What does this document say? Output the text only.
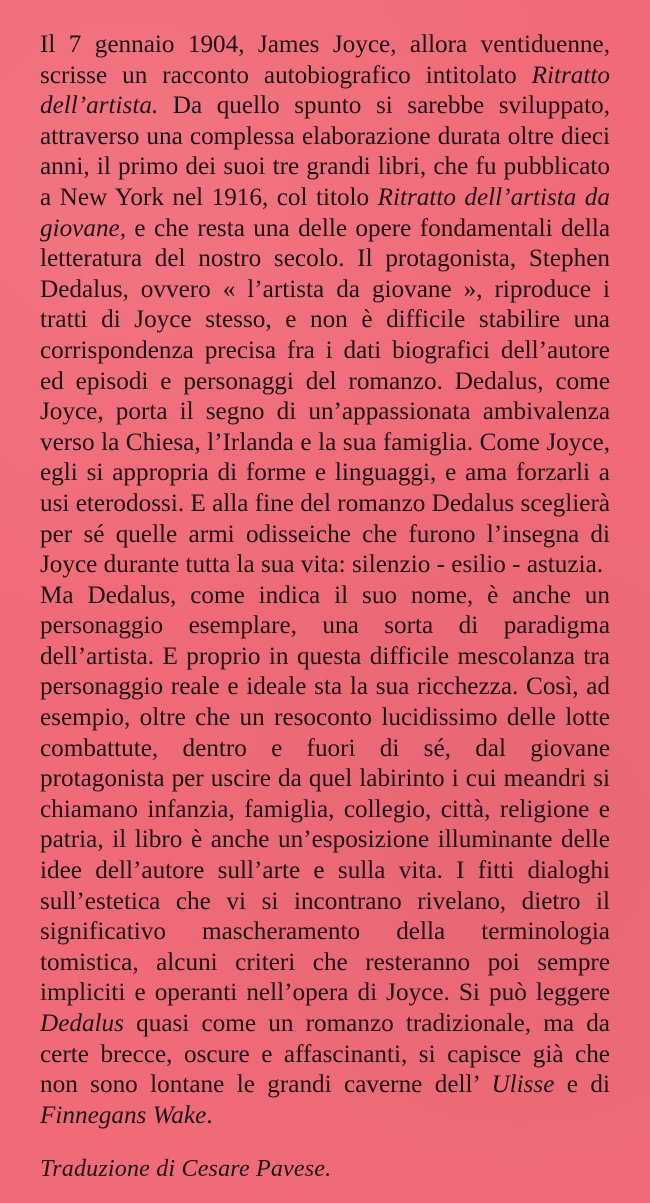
Il 7 gennaio 1904, James Joyce, allora ventiduenne, scrisse un racconto autobiografico intitolato Ritratto dell’artista. Da quello spunto si sarebbe sviluppato, attraverso una complessa elaborazione durata oltre dieci anni, il primo dei suoi tre grandi libri, che fu pubblicato a New York nel 1916, col titolo Ritratto dell’artista da giovane, e che resta una delle opere fondamentali della letteratura del nostro secolo. Il protagonista, Stephen Dedalus, ovvero « l’artista da giovane », riproduce i tratti di Joyce stesso, e non è difficile stabilire una corrispondenza precisa fra i dati biografici dell’autore ed episodi e personaggi del romanzo. Dedalus, come Joyce, porta il segno di un’appassionata ambivalenza verso la Chiesa, l’Irlanda e la sua famiglia. Come Joyce, egli si appropria di forme e linguaggi, e ama forzarli a usi eterodossi. E alla fine del romanzo Dedalus sceglierà per sé quelle armi odisseiche che furono l’insegna di Joyce durante tutta la sua vita: silenzio - esilio - astuzia.

Ma Dedalus, come indica il suo nome, è anche un personaggio esemplare, una sorta di paradigma dell’artista. E proprio in questa difficile mescolanza tra personaggio reale e ideale sta la sua ricchezza. Così, ad esempio, oltre che un resoconto lucidissimo delle lotte combattute, dentro e fuori di sé, dal giovane protagonista per uscire da quel labirinto i cui meandri si chiamano infanzia, famiglia, collegio, città, religione e patria, il libro è anche un’esposizione illuminante delle idee dell’autore sull’arte e sulla vita. I fitti dialoghi sull’estetica che vi si incontrano rivelano, dietro il significativo mascheramento della terminologia tomistica, alcuni criteri che resteranno poi sempre impliciti e operanti nell’opera di Joyce. Si può leggere Dedalus quasi come un romanzo tradizionale, ma da certe brecce, oscure e affascinanti, si capisce già che non sono lontane le grandi caverne dell’ Ulisse e di Finnegans Wake.

Traduzione di Cesare Pavese.
